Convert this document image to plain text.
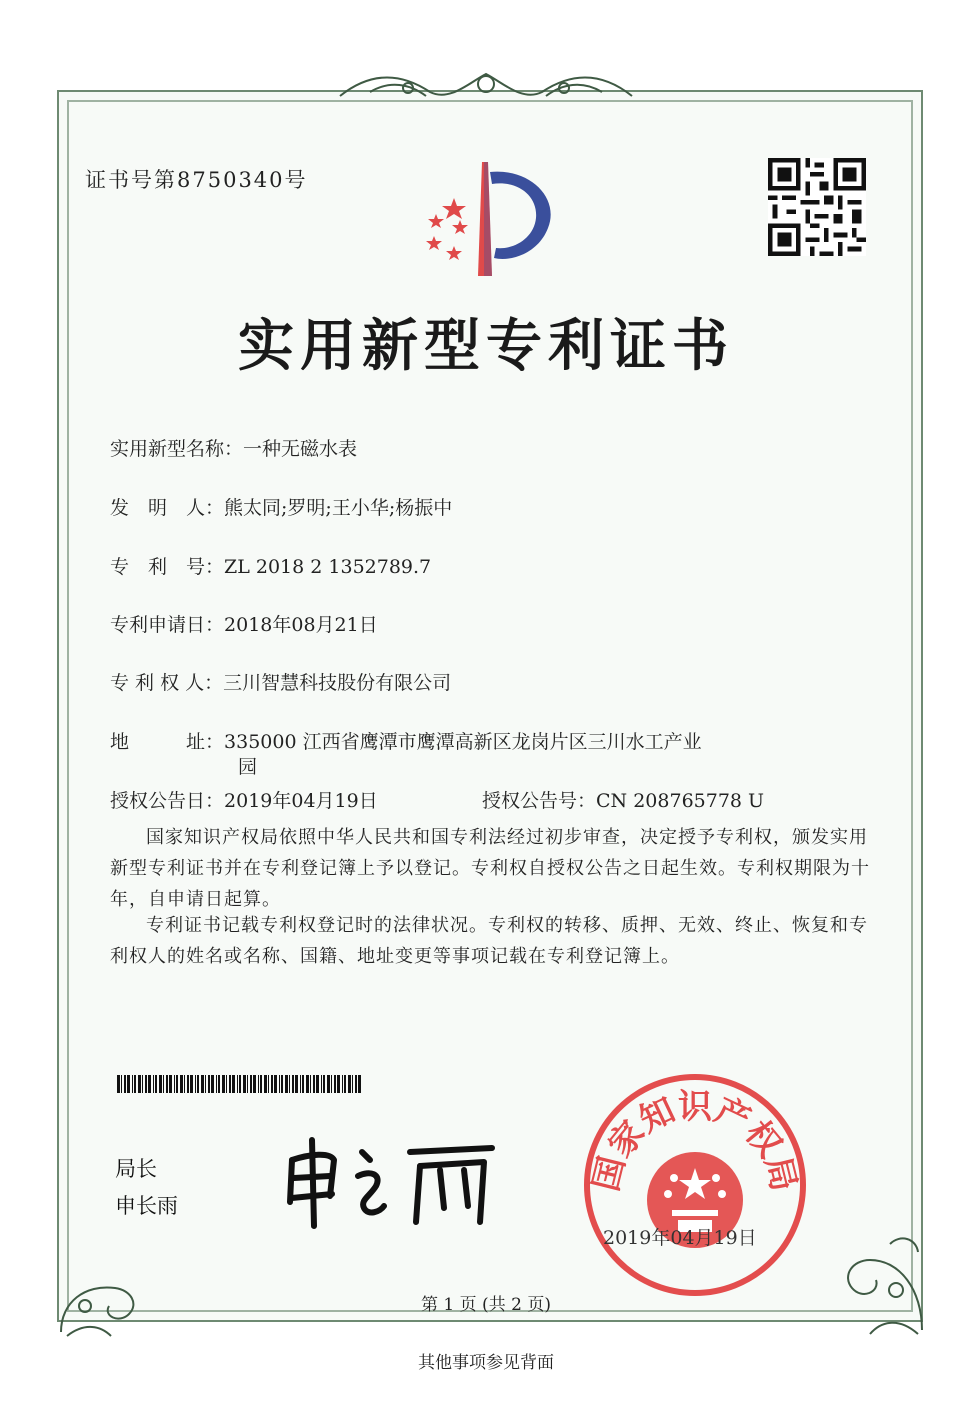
证书号第8750340号
实用新型专利证书
实用新型名称：一种无磁水表
发　明　人：熊太同;罗明;王小华;杨振中
专　利　号：ZL 2018 2 1352789.7
专利申请日：2018年08月21日
专 利 权 人：三川智慧科技股份有限公司
地　　　址：335000 江西省鹰潭市鹰潭高新区龙岗片区三川水工产业
园
授权公告日：2019年04月19日	授权公告号：CN 208765778 U
国家知识产权局依照中华人民共和国专利法经过初步审查，决定授予专利权，颁发实用新型专利证书并在专利登记簿上予以登记。专利权自授权公告之日起生效。专利权期限为十年，自申请日起算。
专利证书记载专利权登记时的法律状况。专利权的转移、质押、无效、终止、恢复和专利权人的姓名或名称、国籍、地址变更等事项记载在专利登记簿上。
局长
申长雨
国家知识产权局
2019年04月19日
第 1 页 (共 2 页)
其他事项参见背面
